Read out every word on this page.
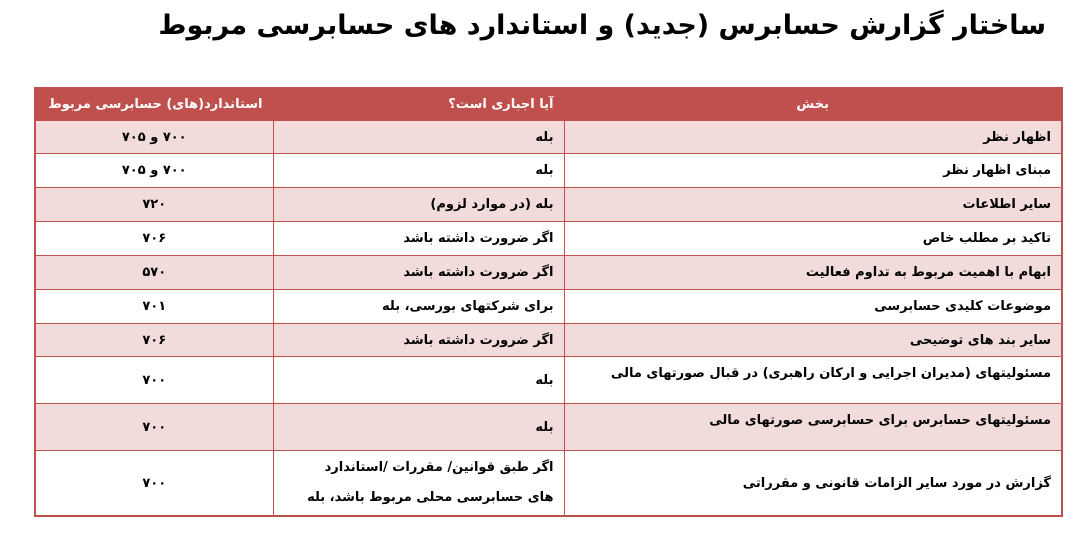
ساختار گزارش حسابرس (جدید) و استاندارد های حسابرسی مربوط
بخش	آیا اجباری است؟	استاندارد(های) حسابرسی مربوط
اظهار نظر	بله	۷۰۰ و ۷۰۵
مبنای اظهار نظر	بله	۷۰۰ و ۷۰۵
سایر اطلاعات	بله (در موارد لزوم)	۷۲۰
تاکید بر مطلب خاص	اگر ضرورت داشته باشد	۷۰۶
ابهام با اهمیت مربوط به تداوم فعالیت	اگر ضرورت داشته باشد	۵۷۰
موضوعات کلیدی حسابرسی	برای شرکتهای بورسی، بله	۷۰۱
سایر بند های توضیحی	اگر ضرورت داشته باشد	۷۰۶
مسئولیتهای (مدیران اجرایی و ارکان راهبری) در قبال صورتهای مالی	بله	۷۰۰
مسئولیتهای حسابرس برای حسابرسی صورتهای مالی	بله	۷۰۰
گزارش در مورد سایر الزامات قانونی و مقرراتی	اگر طبق قوانین/ مقررات /استاندارد
های حسابرسی محلی مربوط باشد، بله	۷۰۰
